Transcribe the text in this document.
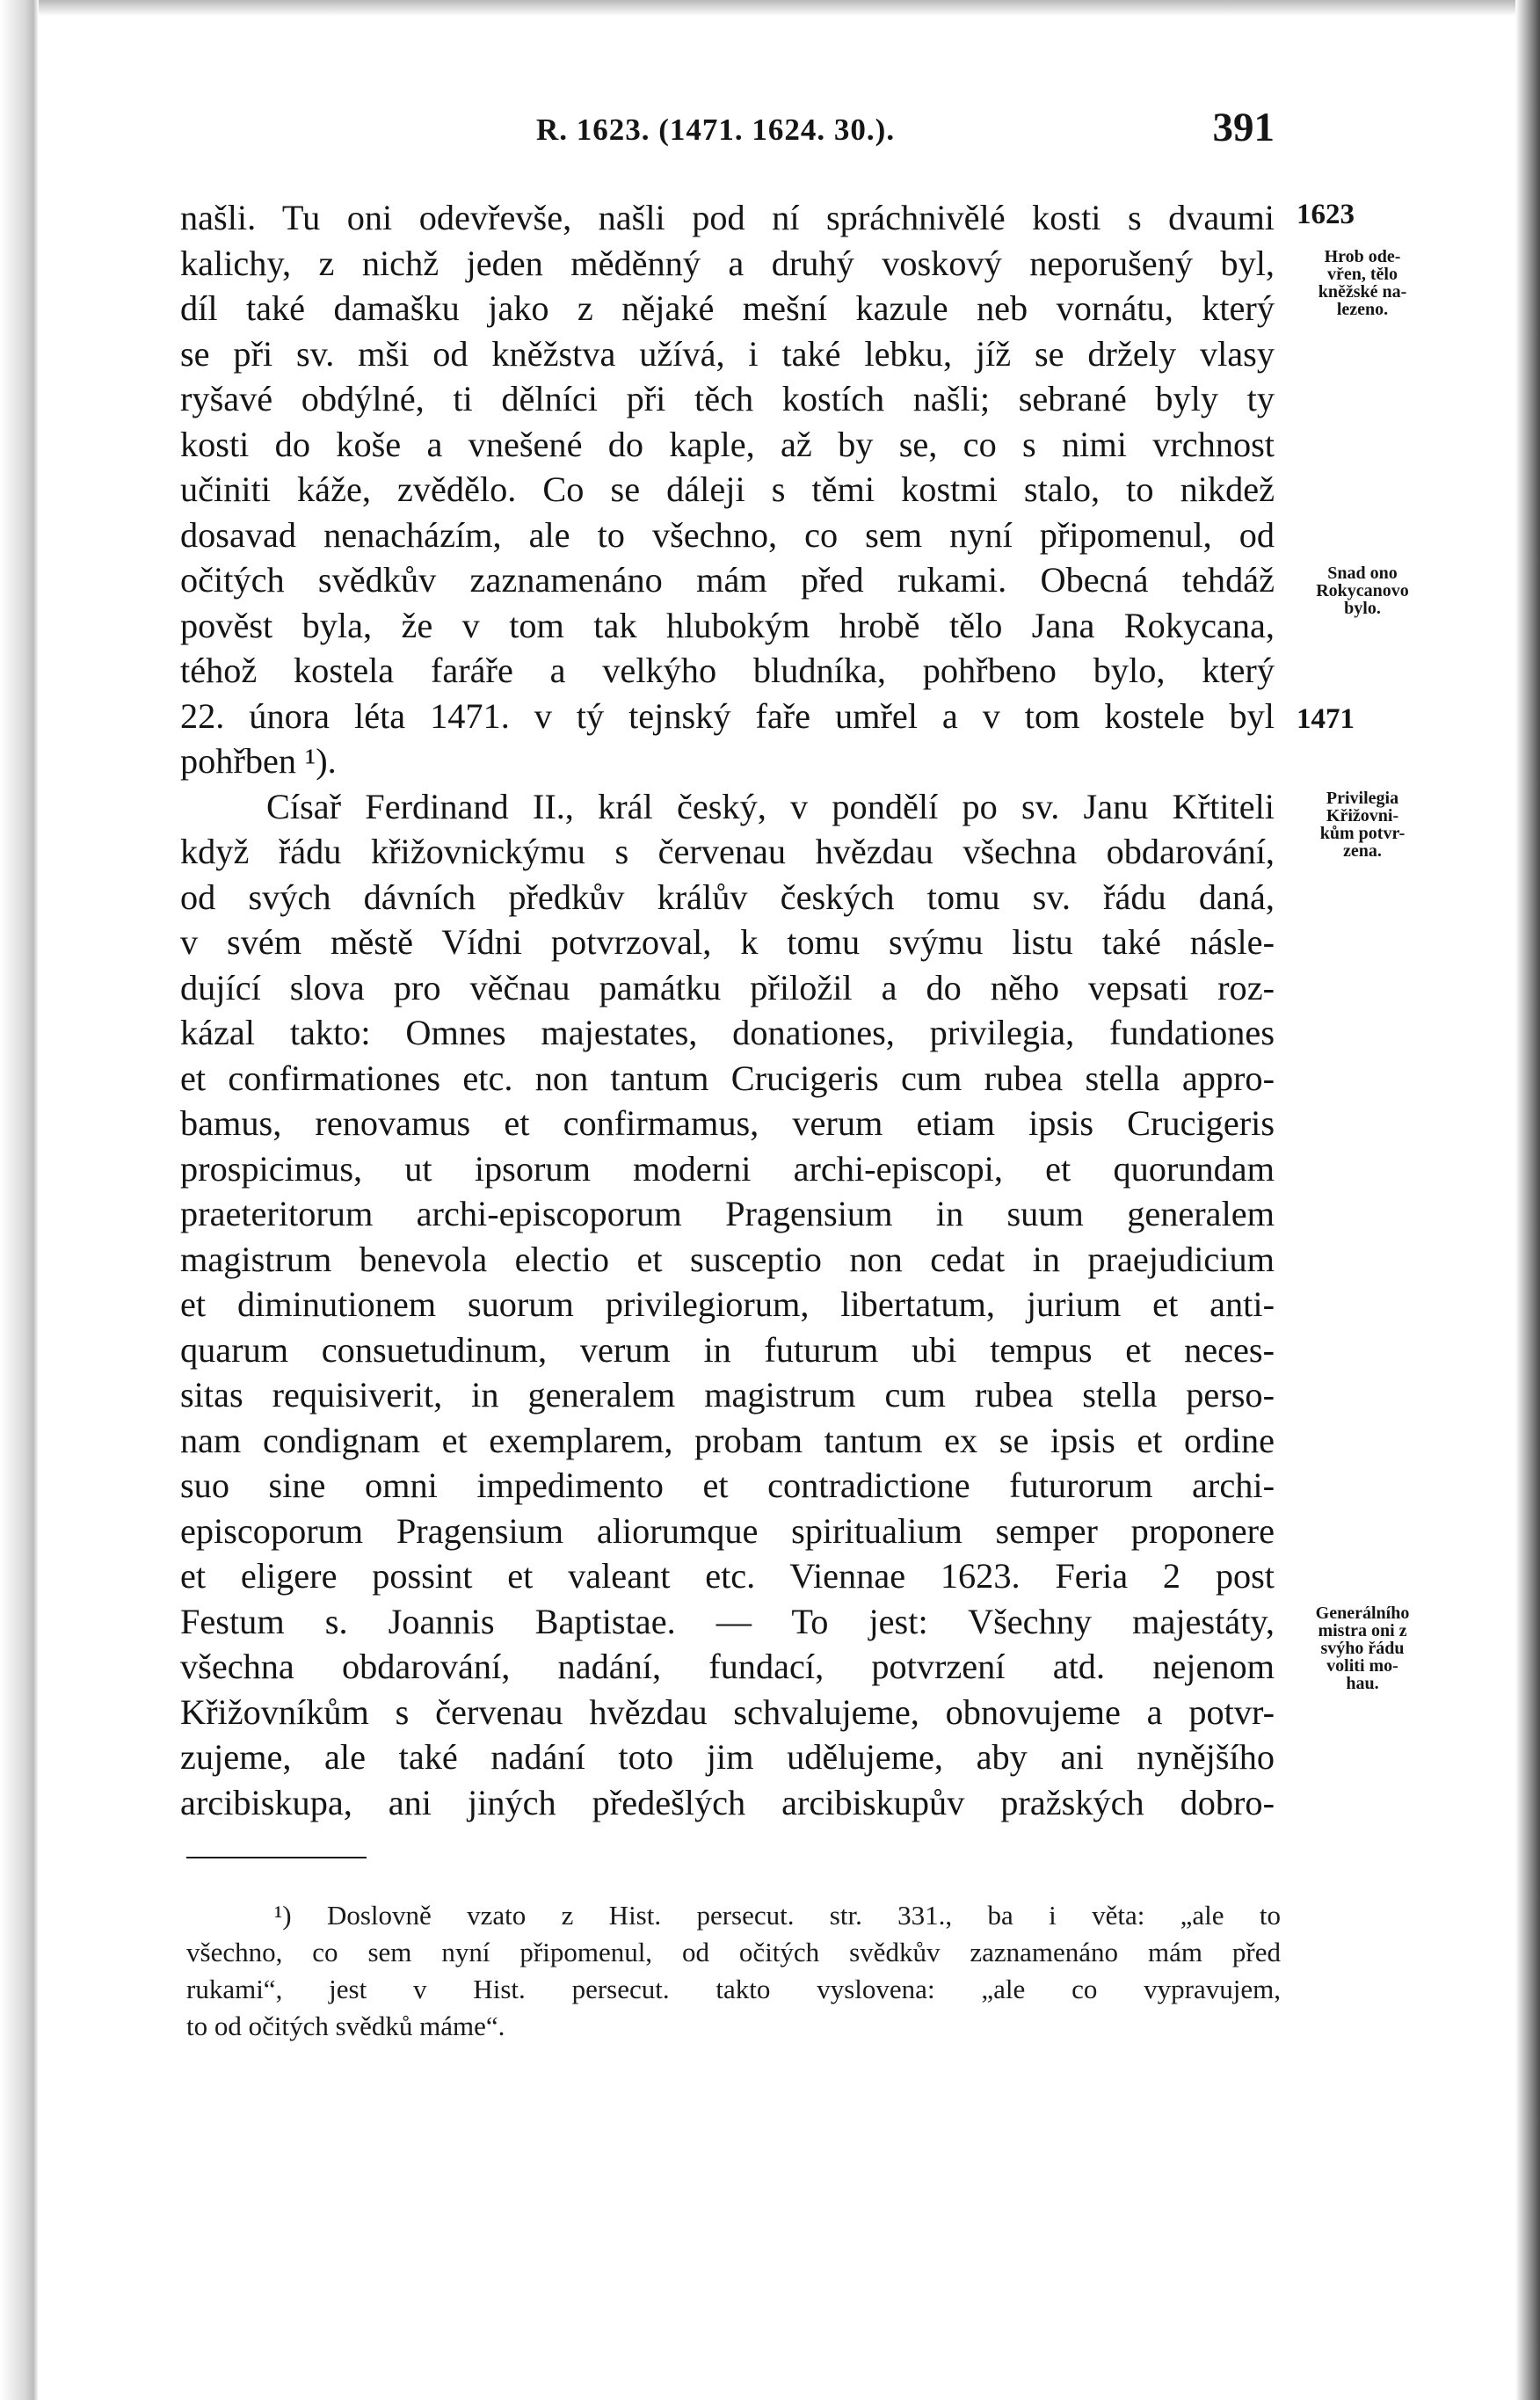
R. 1623. (1471. 1624. 30.).	391
našli. Tu oni odevřevše, našli pod ní spráchnivělé kosti s dvaumi
kalichy, z nichž jeden měděnný a druhý voskový neporušený byl,
díl také damašku jako z nějaké mešní kazule neb vornátu, který
se při sv. mši od kněžstva užívá, i také lebku, jíž se držely vlasy
ryšavé obdýlné, ti dělníci při těch kostích našli; sebrané byly ty
kosti do koše a vnešené do kaple, až by se, co s nimi vrchnost
učiniti káže, zvědělo. Co se dáleji s těmi kostmi stalo, to nikdež
dosavad nenacházím, ale to všechno, co sem nyní připomenul, od
očitých svědkův zaznamenáno mám před rukami. Obecná tehdáž
pověst byla, že v tom tak hlubokým hrobě tělo Jana Rokycana,
téhož kostela faráře a velkýho bludníka, pohřbeno bylo, který
22. února léta 1471. v tý tejnský faře umřel a v tom kostele byl
pohřben ¹).
Císař Ferdinand II., král český, v pondělí po sv. Janu Křtiteli
když řádu křižovnickýmu s červenau hvězdau všechna obdarování,
od svých dávních předkův králův českých tomu sv. řádu daná,
v svém městě Vídni potvrzoval, k tomu svýmu listu také násle-
dující slova pro věčnau památku přiložil a do něho vepsati roz-
kázal takto: Omnes majestates, donationes, privilegia, fundationes
et confirmationes etc. non tantum Crucigeris cum rubea stella appro-
bamus, renovamus et confirmamus, verum etiam ipsis Crucigeris
prospicimus, ut ipsorum moderni archi-episcopi, et quorundam
praeteritorum archi-episcoporum Pragensium in suum generalem
magistrum benevola electio et susceptio non cedat in praejudicium
et diminutionem suorum privilegiorum, libertatum, jurium et anti-
quarum consuetudinum, verum in futurum ubi tempus et neces-
sitas requisiverit, in generalem magistrum cum rubea stella perso-
nam condignam et exemplarem, probam tantum ex se ipsis et ordine
suo sine omni impedimento et contradictione futurorum archi-
episcoporum Pragensium aliorumque spiritualium semper proponere
et eligere possint et valeant etc. Viennae 1623. Feria 2 post
Festum s. Joannis Baptistae. — To jest: Všechny majestáty,
všechna obdarování, nadání, fundací, potvrzení atd. nejenom
Křižovníkům s červenau hvězdau schvalujeme, obnovujeme a potvr-
zujeme, ale také nadání toto jim udělujeme, aby ani nynějšího
arcibiskupa, ani jiných předešlých arcibiskupův pražských dobro-
1623
Hrob ode-
vřen, tělo
kněžské na-
lezeno.
Snad ono
Rokycanovo
bylo.
1471
Privilegia
Křižovni-
kům potvr-
zena.
Generálního
mistra oni z
svýho řádu
voliti mo-
hau.
¹) Doslovně vzato z Hist. persecut. str. 331., ba i věta: „ale to
všechno, co sem nyní připomenul, od očitých svědkův zaznamenáno mám před
rukami“, jest v Hist. persecut. takto vyslovena: „ale co vypravujem,
to od očitých svědků máme“.
